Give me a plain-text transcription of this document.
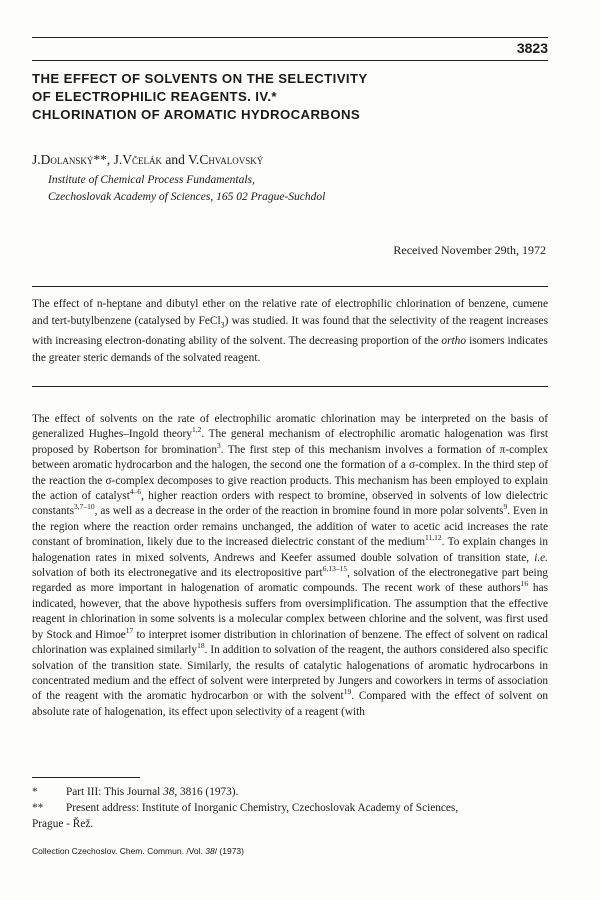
3823
THE EFFECT OF SOLVENTS ON THE SELECTIVITY
OF ELECTROPHILIC REAGENTS. IV.*
CHLORINATION OF AROMATIC HYDROCARBONS

J.Dolanský**, J.Včelák and V.Chvalovský

Institute of Chemical Process Fundamentals,
Czechoslovak Academy of Sciences, 165 02 Prague-Suchdol

Received November 29th, 1972

The effect of n-heptane and dibutyl ether on the relative rate of electrophilic chlorination of benzene, cumene and tert-butylbenzene (catalysed by FeCl$_3$) was studied. It was found that the selectivity of the reagent increases with increasing electron-donating ability of the solvent. The decreasing proportion of the ortho isomers indicates the greater steric demands of the solvated reagent.

The effect of solvents on the rate of electrophilic aromatic chlorination may be interpreted on the basis of generalized Hughes–Ingold theory$^{1,2}$. The general mechanism of electrophilic aromatic halogenation was first proposed by Robertson for bromination$^3$. The first step of this mechanism involves a formation of π-complex between aromatic hydrocarbon and the halogen, the second one the formation of a σ-complex. In the third step of the reaction the σ-complex decomposes to give reaction products. This mechanism has been employed to explain the action of catalyst$^{4-6}$, higher reaction orders with respect to bromine, observed in solvents of low dielectric constants$^{3,7-10}$, as well as a decrease in the order of the reaction in bromine found in more polar solvents$^9$. Even in the region where the reaction order remains unchanged, the addition of water to acetic acid increases the rate constant of bromination, likely due to the increased dielectric constant of the medium$^{11,12}$. To explain changes in halogenation rates in mixed solvents, Andrews and Keefer assumed double solvation of transition state, i.e. solvation of both its electronegative and its electropositive part$^{6,13-15}$, solvation of the electronegative part being regarded as more important in halogenation of aromatic compounds. The recent work of these authors$^{16}$ has indicated, however, that the above hypothesis suffers from oversimplification. The assumption that the effective reagent in chlorination in some solvents is a molecular complex between chlorine and the solvent, was first used by Stock and Himoe$^{17}$ to interpret isomer distribution in chlorination of benzene. The effect of solvent on radical chlorination was explained similarly$^{18}$. In addition to solvation of the reagent, the authors considered also specific solvation of the transition state. Similarly, the results of catalytic halogenations of aromatic hydrocarbons in concentrated medium and the effect of solvent were interpreted by Jungers and coworkers in terms of association of the reagent with the aromatic hydrocarbon or with the solvent$^{19}$. Compared with the effect of solvent on absolute rate of halogenation, its effect upon selectivity of a reagent (with

*	Part III: This Journal 38, 3816 (1973).
**	Present address: Institute of Inorganic Chemistry, Czechoslovak Academy of Sciences,
Prague - Řež.

Collection Czechoslov. Chem. Commun. /Vol. 38/ (1973)
